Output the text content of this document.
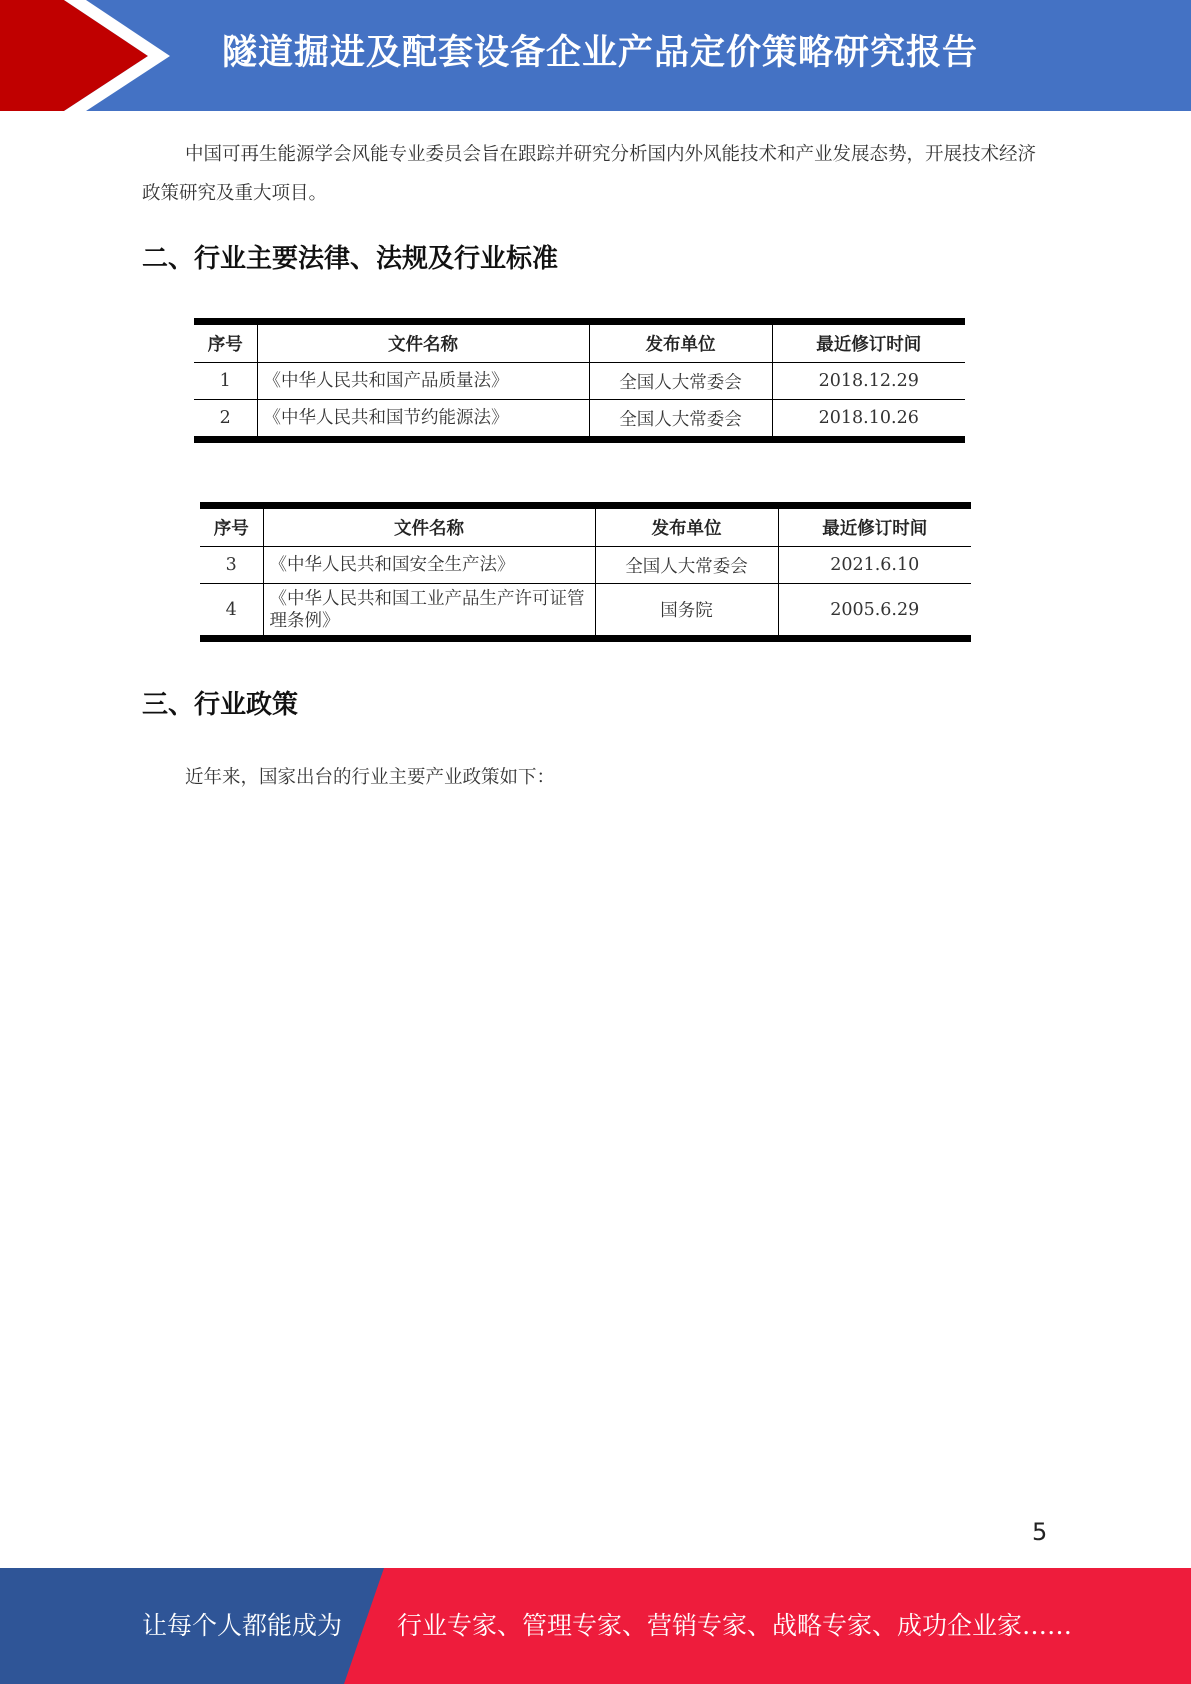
隧道掘进及配套设备企业产品定价策略研究报告

中国可再生能源学会风能专业委员会旨在跟踪并研究分析国内外风能技术和产业发展态势，开展技术经济政策研究及重大项目。

二、行业主要法律、法规及行业标准
序号	文件名称	发布单位	最近修订时间
1	《中华人民共和国产品质量法》	全国人大常委会	2018.12.29
2	《中华人民共和国节约能源法》	全国人大常委会	2018.10.26
序号	文件名称	发布单位	最近修订时间
3	《中华人民共和国安全生产法》	全国人大常委会	2021.6.10
4	《中华人民共和国工业产品生产许可证管理条例》	国务院	2005.6.29
三、行业政策

近年来，国家出台的行业主要产业政策如下：

5
让每个人都能成为 行业专家、管理专家、营销专家、战略专家、成功企业家……
